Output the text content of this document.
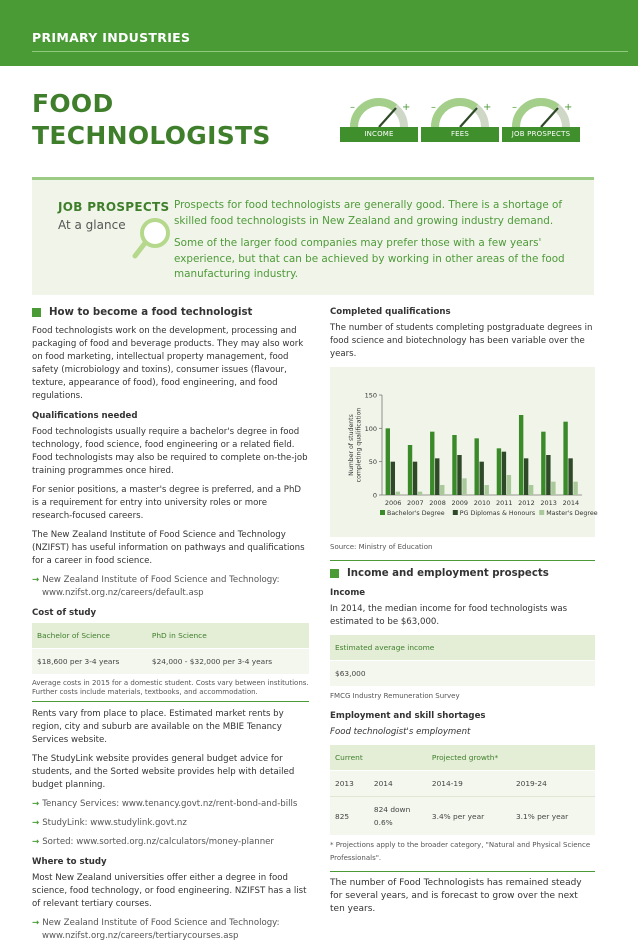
PRIMARY INDUSTRIES
FOOD
TECHNOLOGISTS
–	+
INCOME
–	+
FEES
–	+
JOB PROSPECTS
JOB PROSPECTS
At a glance

Prospects for food technologists are generally good. There is a shortage of skilled food technologists in New Zealand and growing industry demand.

Some of the larger food companies may prefer those with a few years' experience, but that can be achieved by working in other areas of the food manufacturing industry.

How to become a food technologist
Food technologists work on the development, processing and packaging of food and beverage products. They may also work on food marketing, intellectual property management, food safety (microbiology and toxins), consumer issues (flavour, texture, appearance of food), food engineering, and food regulations.
Qualifications needed
Food technologists usually require a bachelor's degree in food technology, food science, food engineering or a related field. Food technologists may also be required to complete on-the-job training programmes once hired.
For senior positions, a master's degree is preferred, and a PhD is a requirement for entry into university roles or more research-focused careers.
The New Zealand Institute of Food Science and Technology (NZIFST) has useful information on pathways and qualifications for a career in food science.
→ New Zealand Institute of Food Science and Technology: www.nzifst.org.nz/careers/default.asp
Cost of study
Bachelor of Science	PhD in Science
$18,600 per 3-4 years	$24,000 - $32,000 per 3-4 years
Average costs in 2015 for a domestic student. Costs vary between institutions. Further costs include materials, textbooks, and accommodation.
Rents vary from place to place. Estimated market rents by region, city and suburb are available on the MBIE Tenancy Services website.
The StudyLink website provides general budget advice for students, and the Sorted website provides help with detailed budget planning.
→ Tenancy Services: www.tenancy.govt.nz/rent-bond-and-bills
→ StudyLink: www.studylink.govt.nz
→ Sorted: www.sorted.org.nz/calculators/money-planner
Where to study
Most New Zealand universities offer either a degree in food science, food technology, or food engineering. NZIFST has a list of relevant tertiary courses.
→ New Zealand Institute of Food Science and Technology: www.nzifst.org.nz/careers/tertiarycourses.asp
Completed qualifications
The number of students completing postgraduate degrees in food science and biotechnology has been variable over the years.
0
50
100
150
Number of studentscompleting qualification
2006 2007 2008 2009 2010 2011 2012 2013 2014
Bachelor's Degree PG Diplomas & Honours Master's Degree
Source: Ministry of Education
Income and employment prospects
Income
In 2014, the median income for food technologists was estimated to be $63,000.
Estimated average income
$63,000
FMCG Industry Remuneration Survey
Employment and skill shortages
Food technologist's employment
Current		Projected growth*	
2013	2014	2014-19	2019-24
825	824 down 0.6%	3.4% per year	3.1% per year
* Projections apply to the broader category, "Natural and Physical Science Professionals".
The number of Food Technologists has remained steady for several years, and is forecast to grow over the next ten years.
